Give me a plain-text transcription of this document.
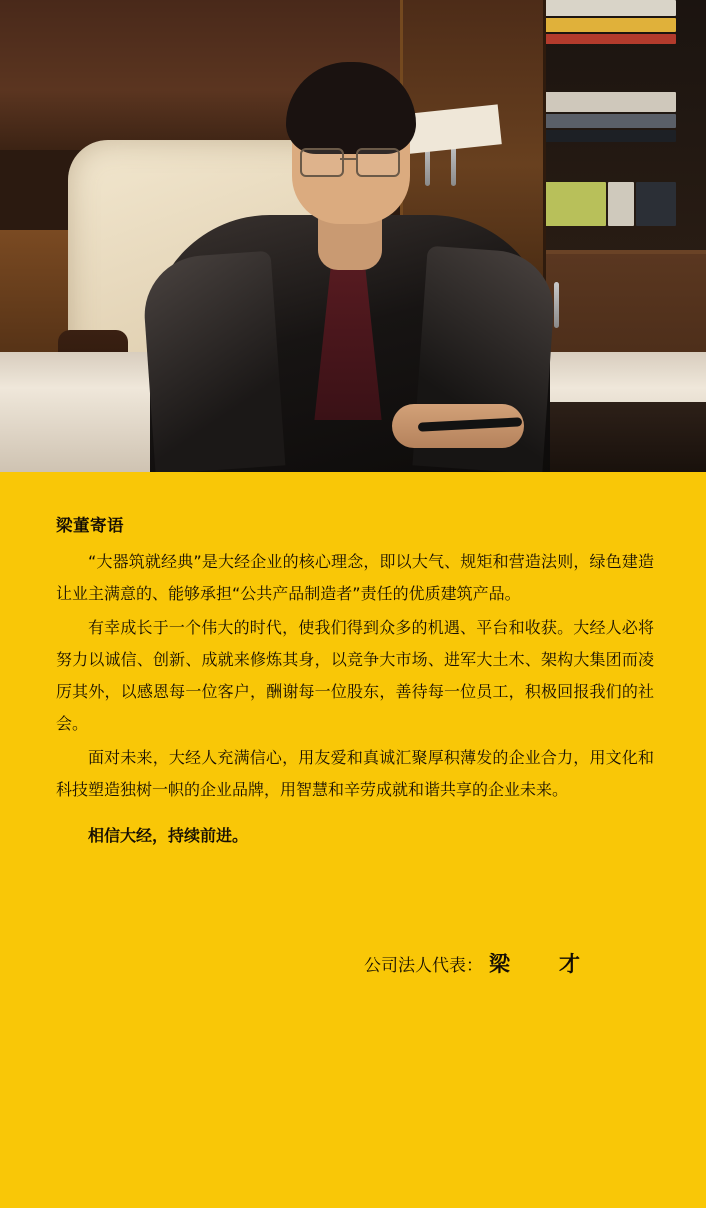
梁董寄语

“大器筑就经典”是大经企业的核心理念，即以大气、规矩和营造法则，绿色建造让业主满意的、能够承担“公共产品制造者”责任的优质建筑产品。

有幸成长于一个伟大的时代，使我们得到众多的机遇、平台和收获。大经人必将努力以诚信、创新、成就来修炼其身，以竞争大市场、进军大土木、架构大集团而凌厉其外，以感恩每一位客户，酬谢每一位股东，善待每一位员工，积极回报我们的社会。

面对未来，大经人充满信心，用友爱和真诚汇聚厚积薄发的企业合力，用文化和科技塑造独树一帜的企业品牌，用智慧和辛劳成就和谐共享的企业未来。

相信大经，持续前进。

公司法人代表： 梁　才
